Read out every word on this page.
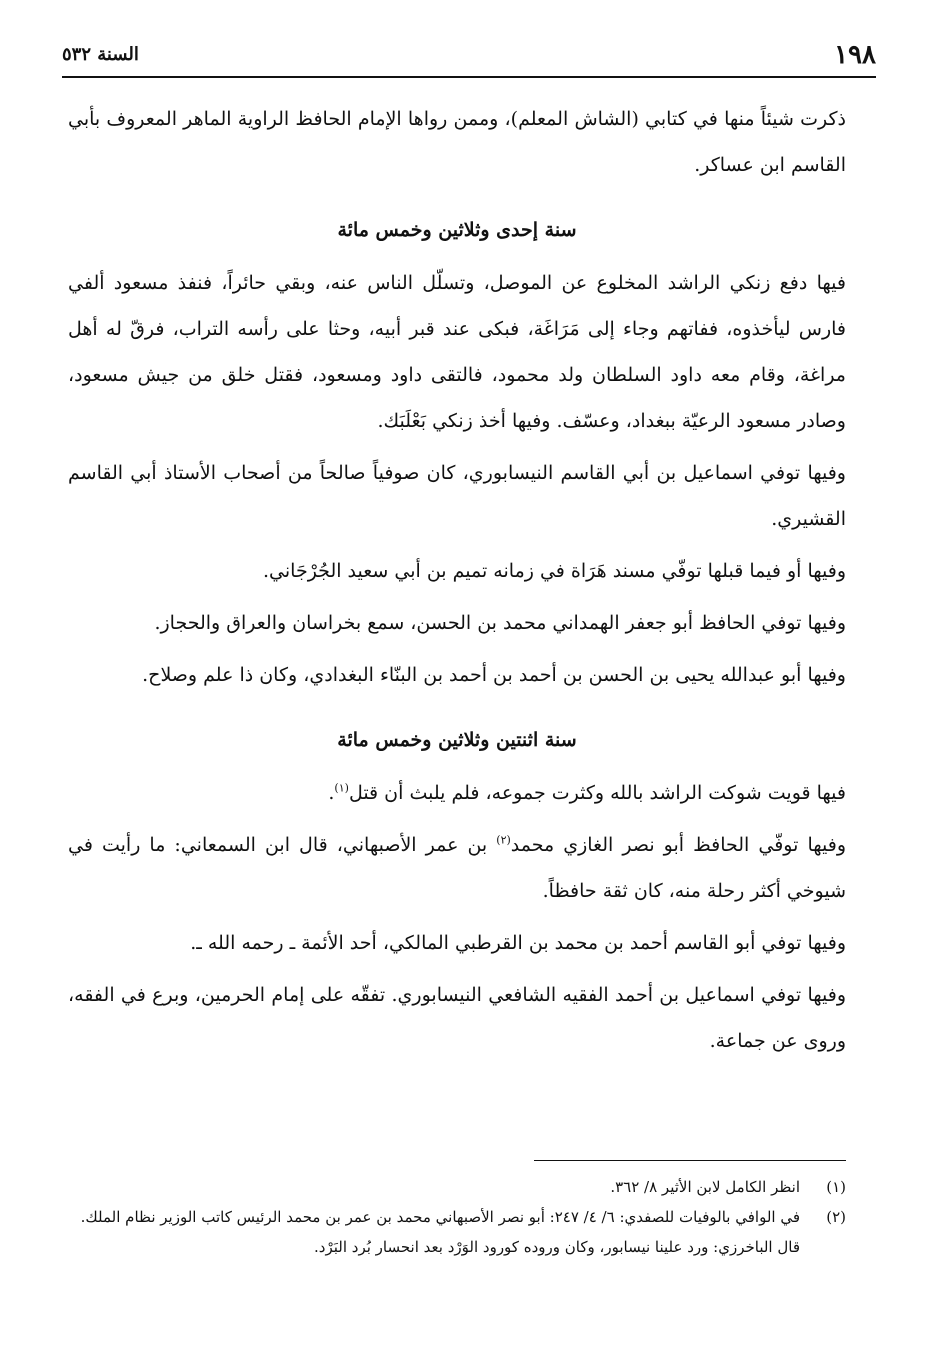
١٩٨
السنة ٥٣٢

ذكرت شيئاً منها في كتابي (الشاش المعلم)، وممن رواها الإمام الحافظ الراوية الماهر المعروف بأبي القاسم ابن عساكر.

سنة إحدى وثلاثين وخمس مائة

فيها دفع زنكي الراشد المخلوع عن الموصل، وتسلّل الناس عنه، وبقي حائراً، فنفذ مسعود ألفي فارس ليأخذوه، ففاتهم وجاء إلى مَرَاغَة، فبكى عند قبر أبيه، وحثا على رأسه التراب، فرقّ له أهل مراغة، وقام معه داود السلطان ولد محمود، فالتقى داود ومسعود، فقتل خلق من جيش مسعود، وصادر مسعود الرعيّة ببغداد، وعسّف. وفيها أخذ زنكي بَعْلَبَك.

وفيها توفي اسماعيل بن أبي القاسم النيسابوري، كان صوفياً صالحاً من أصحاب الأستاذ أبي القاسم القشيري.

وفيها أو فيما قبلها توفّي مسند هَرَاة في زمانه تميم بن أبي سعيد الجُرْجَاني.

وفيها توفي الحافظ أبو جعفر الهمداني محمد بن الحسن، سمع بخراسان والعراق والحجاز.

وفيها أبو عبدالله يحيى بن الحسن بن أحمد بن أحمد بن البنّاء البغدادي، وكان ذا علم وصلاح.

سنة اثنتين وثلاثين وخمس مائة

فيها قويت شوكت الراشد بالله وكثرت جموعه، فلم يلبث أن قتل$^{(١)}$.

وفيها توفّي الحافظ أبو نصر الغازي محمد$^{(٢)}$ بن عمر الأصبهاني، قال ابن السمعاني: ما رأيت في شيوخي أكثر رحلة منه، كان ثقة حافظاً.

وفيها توفي أبو القاسم أحمد بن محمد بن القرطبي المالكي، أحد الأئمة ـ رحمه الله ـ.

وفيها توفي اسماعيل بن أحمد الفقيه الشافعي النيسابوري. تفقّه على إمام الحرمين، وبرع في الفقه، وروى عن جماعة.

(١)
انظر الكامل لابن الأثير ٨/ ٣٦٢.
(٢)
في الوافي بالوفيات للصفدي: ٦/ ٤/ ٢٤٧: أبو نصر الأصبهاني محمد بن عمر بن محمد الرئيس كاتب الوزير نظام الملك. قال الباخرزي: ورد علينا نيسابور، وكان وروده كورود الوَرْد بعد انحسار بُرد البَرْد.
